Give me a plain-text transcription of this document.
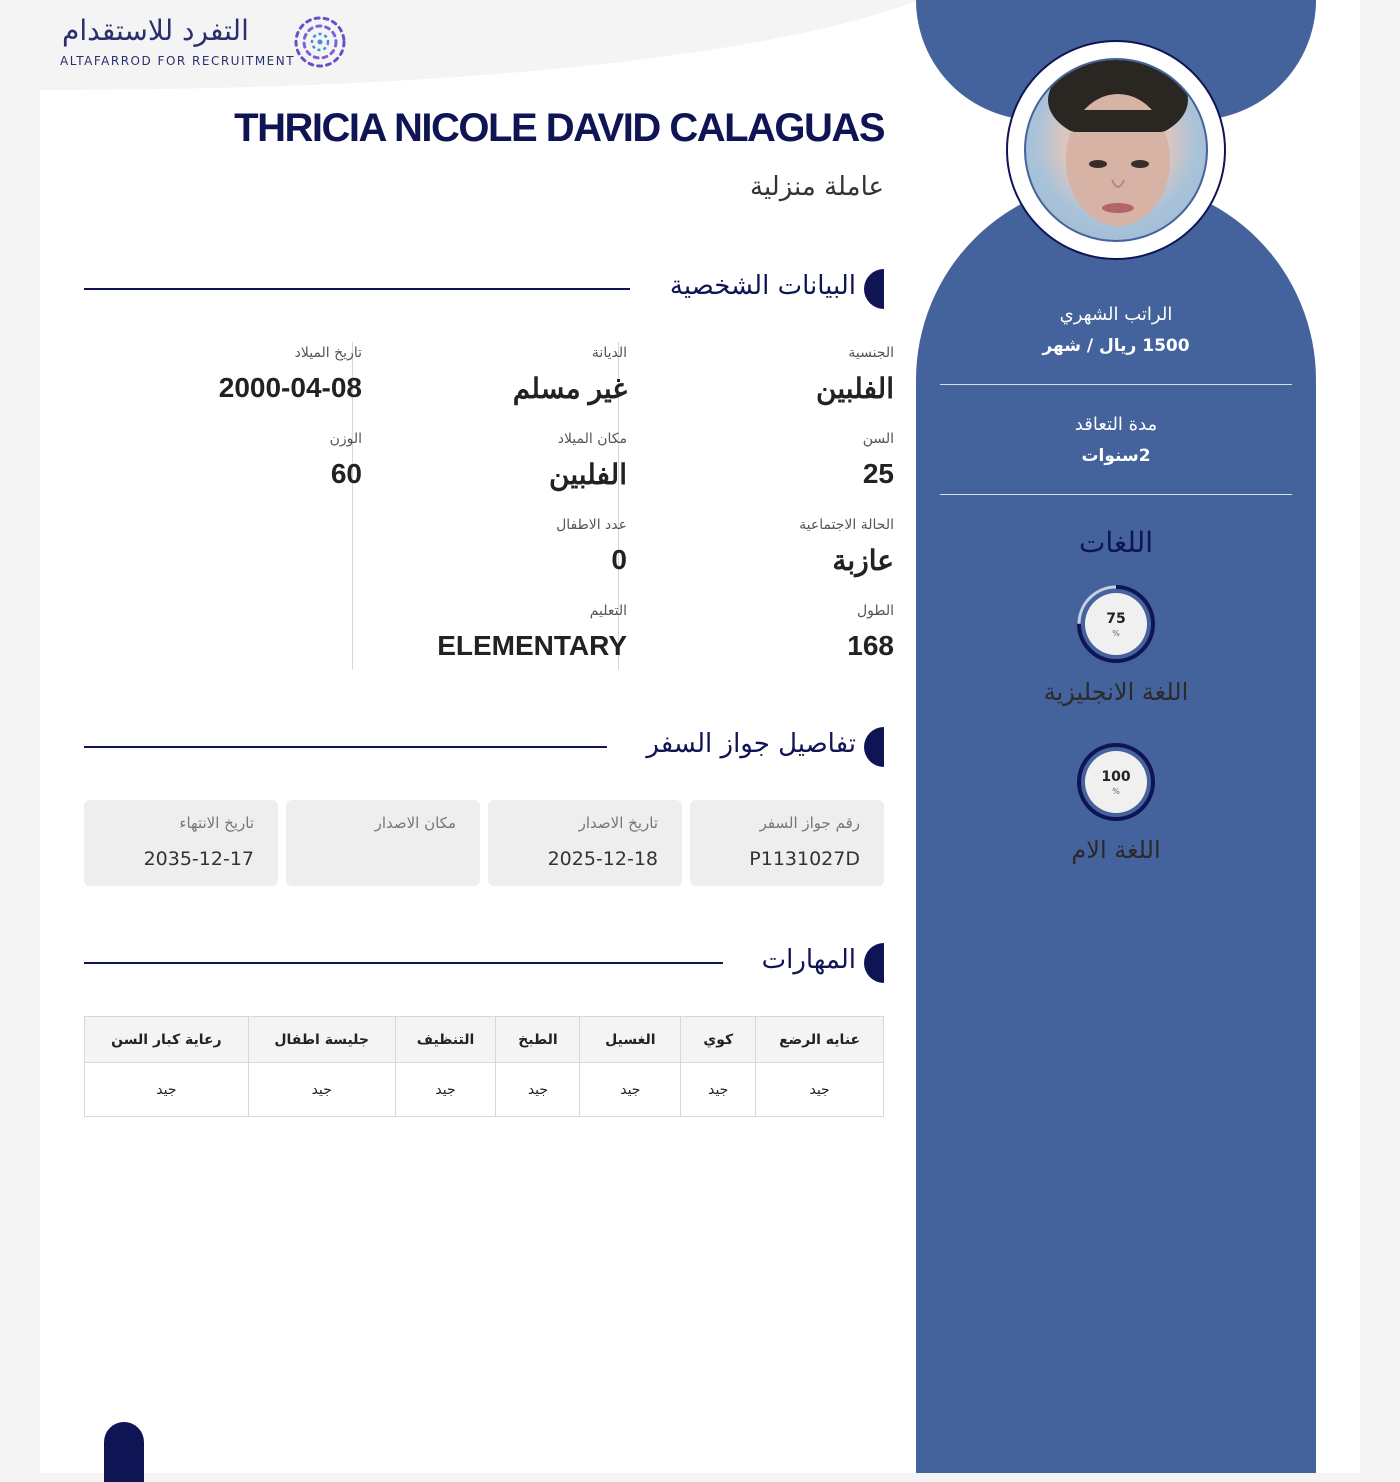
التفرد للاستقدام
ALTAFARROD FOR RECRUITMENT
THRICIA NICOLE DAVID CALAGUAS
عاملة منزلية
البيانات الشخصية
الجنسية
الفلبين
الديانة
غير مسلم
تاريخ الميلاد
2000-04-08
السن
25
مكان الميلاد
الفلبين
الوزن
60
الحالة الاجتماعية
عازبة
عدد الاطفال
0
الطول
168
التعليم
ELEMENTARY
تفاصيل جواز السفر
رقم جواز السفر
P1131027D
تاريخ الاصدار
2025-12-18
مكان الاصدار
تاريخ الانتهاء
2035-12-17
المهارات
عنايه الرضع	كوي	الغسيل	الطبخ	التنظيف	جليسة اطفال	رعاية كبار السن
جيد	جيد	جيد	جيد	جيد	جيد	جيد
الراتب الشهري
1500 ريال / شهر
مدة التعاقد
2سنوات
اللغات
75
%
اللغة الانجليزية
100
%
اللغة الام
